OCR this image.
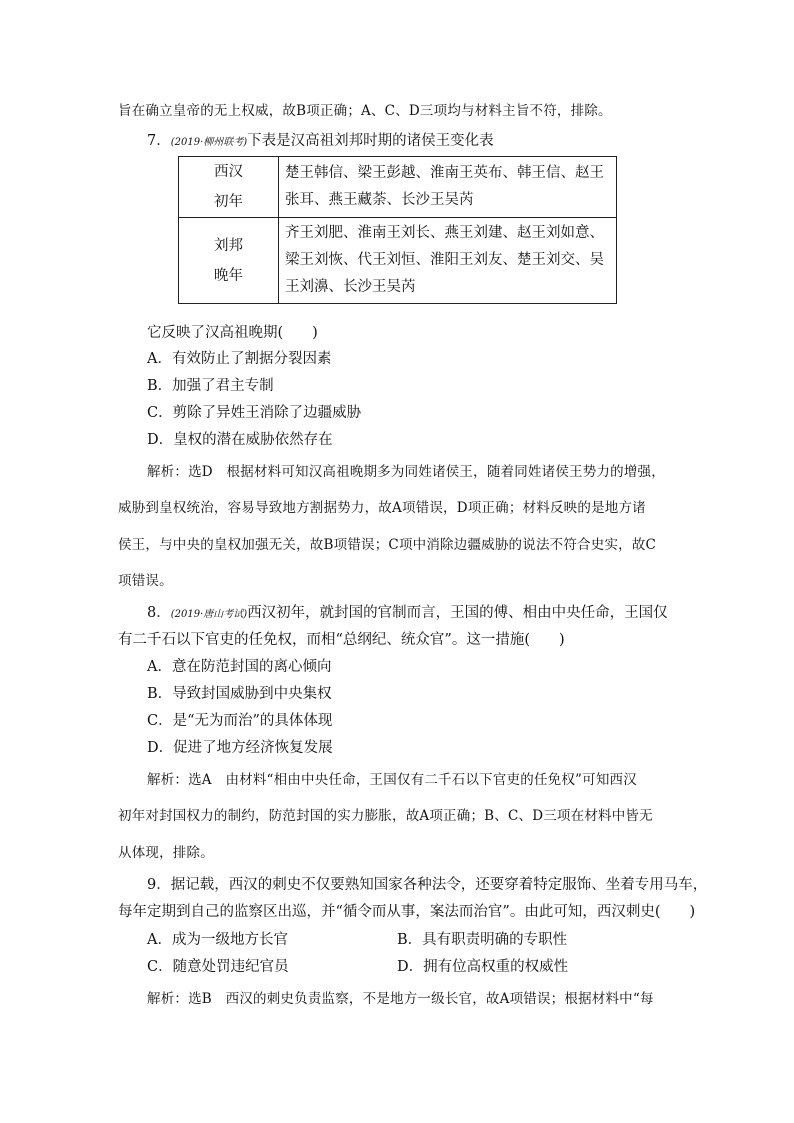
旨在确立皇帝的无上权威，故B项正确；A、C、D三项均与材料主旨不符，排除。
7．(2019·柳州联考)下表是汉高祖刘邦时期的诸侯王变化表
西汉
初年	楚王韩信、梁王彭越、淮南王英布、韩王信、赵王张耳、燕王藏荼、长沙王吴芮

刘邦
晚年	齐王刘肥、淮南王刘长、燕王刘建、赵王刘如意、梁王刘恢、代王刘恒、淮阳王刘友、楚王刘交、吴王刘濞、长沙王吴芮
它反映了汉高祖晚期(　　)
A．有效防止了割据分裂因素
B．加强了君主专制
C．剪除了异姓王消除了边疆威胁
D．皇权的潜在威胁依然存在
解析：选D　根据材料可知汉高祖晚期多为同姓诸侯王，随着同姓诸侯王势力的增强，
威胁到皇权统治，容易导致地方割据势力，故A项错误，D项正确；材料反映的是地方诸
侯王，与中央的皇权加强无关，故B项错误；C项中消除边疆威胁的说法不符合史实，故C
项错误。
8．(2019·唐山考试)西汉初年，就封国的官制而言，王国的傅、相由中央任命，王国仅
有二千石以下官吏的任免权，而相“总纲纪、统众官”。这一措施(　　)
A．意在防范封国的离心倾向
B．导致封国威胁到中央集权
C．是“无为而治”的具体体现
D．促进了地方经济恢复发展
解析：选A　由材料“相由中央任命，王国仅有二千石以下官吏的任免权”可知西汉
初年对封国权力的制约，防范封国的实力膨胀，故A项正确；B、C、D三项在材料中皆无
从体现，排除。
9．据记载，西汉的刺史不仅要熟知国家各种法令，还要穿着特定服饰、坐着专用马车，
每年定期到自己的监察区出巡，并“循令而从事，案法而治官”。由此可知，西汉刺史(　　)
A．成为一级地方长官	B．具有职责明确的专职性
C．随意处罚违纪官员	D．拥有位高权重的权威性
解析：选B　西汉的刺史负责监察，不是地方一级长官，故A项错误；根据材料中“每
